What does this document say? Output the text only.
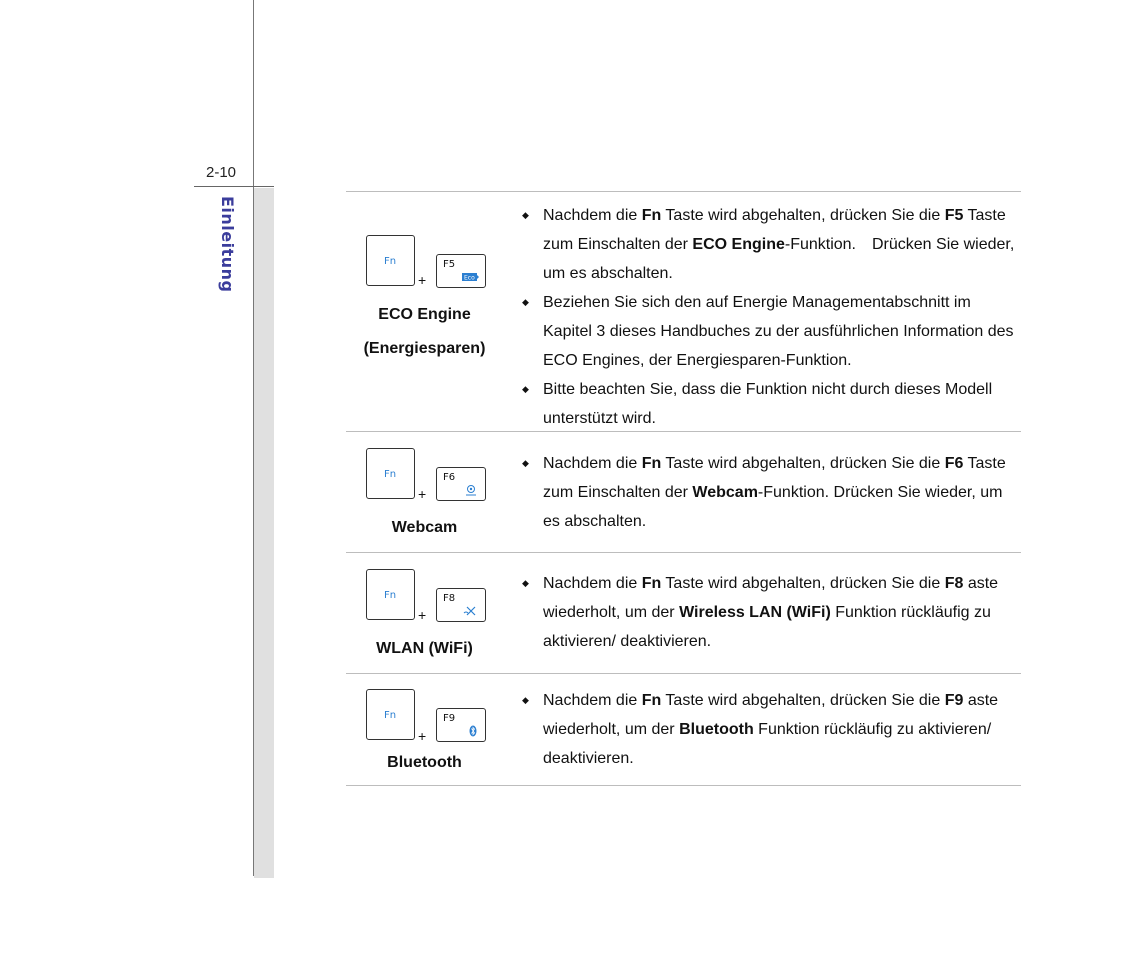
2-10
Einleitung	Fn
+
F5
Eco
ECO Engine
(Energiesparen)
◆ Nachdem die Fn Taste wird abgehalten, drücken Sie die F5 Taste zum Einschalten der ECO Engine-Funktion.　Drücken Sie wieder, um es abschalten.
◆ Beziehen Sie sich den auf Energie Managementabschnitt im Kapitel 3 dieses Handbuches zu der ausführlichen Information des ECO Engines, der Energiesparen-Funktion.
◆ Bitte beachten Sie, dass die Funktion nicht durch dieses Modell unterstützt wird.
Fn
+
F6
Webcam
◆ Nachdem die Fn Taste wird abgehalten, drücken Sie die F6 Taste zum Einschalten der Webcam-Funktion. Drücken Sie wieder, um es abschalten.
Fn
+
F8
WLAN (WiFi)
◆ Nachdem die Fn Taste wird abgehalten, drücken Sie die F8 aste wiederholt, um der Wireless LAN (WiFi) Funktion rückläufig zu aktivieren/ deaktivieren.
Fn
+
F9
Bluetooth
◆ Nachdem die Fn Taste wird abgehalten, drücken Sie die F9 aste wiederholt, um der Bluetooth Funktion rückläufig zu aktivieren/ deaktivieren.
